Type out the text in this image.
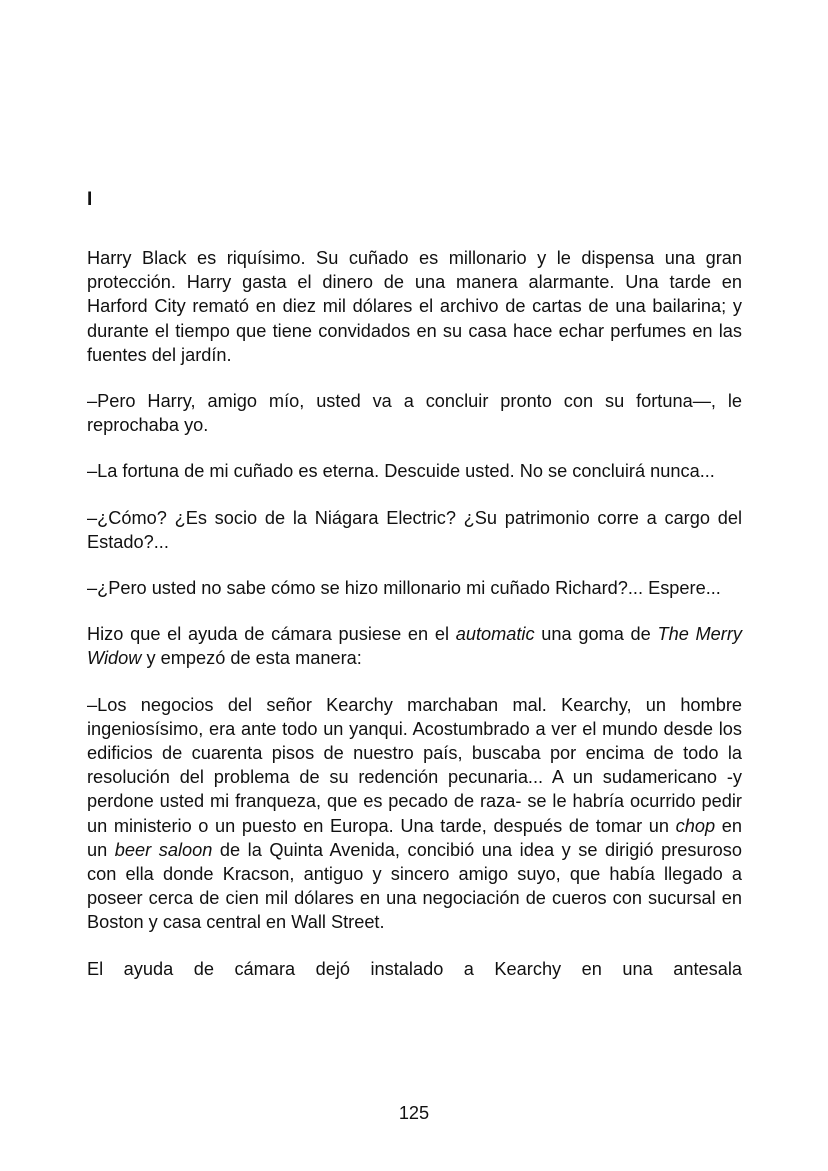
I

Harry Black es riquísimo. Su cuñado es millonario y le dispensa una gran protección. Harry gasta el dinero de una manera alarmante. Una tarde en Harford City remató en diez mil dólares el archivo de cartas de una bailarina; y durante el tiempo que tiene convidados en su casa hace echar perfumes en las fuentes del jardín.

–Pero Harry, amigo mío, usted va a concluir pronto con su fortuna—, le reprochaba yo.

–La fortuna de mi cuñado es eterna. Descuide usted. No se concluirá nunca...

–¿Cómo? ¿Es socio de la Niágara Electric? ¿Su patrimonio corre a cargo del Estado?...

–¿Pero usted no sabe cómo se hizo millonario mi cuñado Richard?... Espere...

Hizo que el ayuda de cámara pusiese en el automatic una goma de The Merry Widow y empezó de esta manera:

–Los negocios del señor Kearchy marchaban mal. Kearchy, un hombre ingeniosísimo, era ante todo un yanqui. Acostumbrado a ver el mundo desde los edificios de cuarenta pisos de nuestro país, buscaba por encima de todo la resolución del problema de su redención pecunaria... A un sudamericano -y perdone usted mi franqueza, que es pecado de raza- se le habría ocurrido pedir un ministerio o un puesto en Europa. Una tarde, después de tomar un chop en un beer saloon de la Quinta Avenida, concibió una idea y se dirigió presuroso con ella donde Kracson, antiguo y sincero amigo suyo, que había llegado a poseer cerca de cien mil dólares en una negociación de cueros con sucursal en Boston y casa central en Wall Street.

El ayuda de cámara dejó instalado a Kearchy en una antesala

125
